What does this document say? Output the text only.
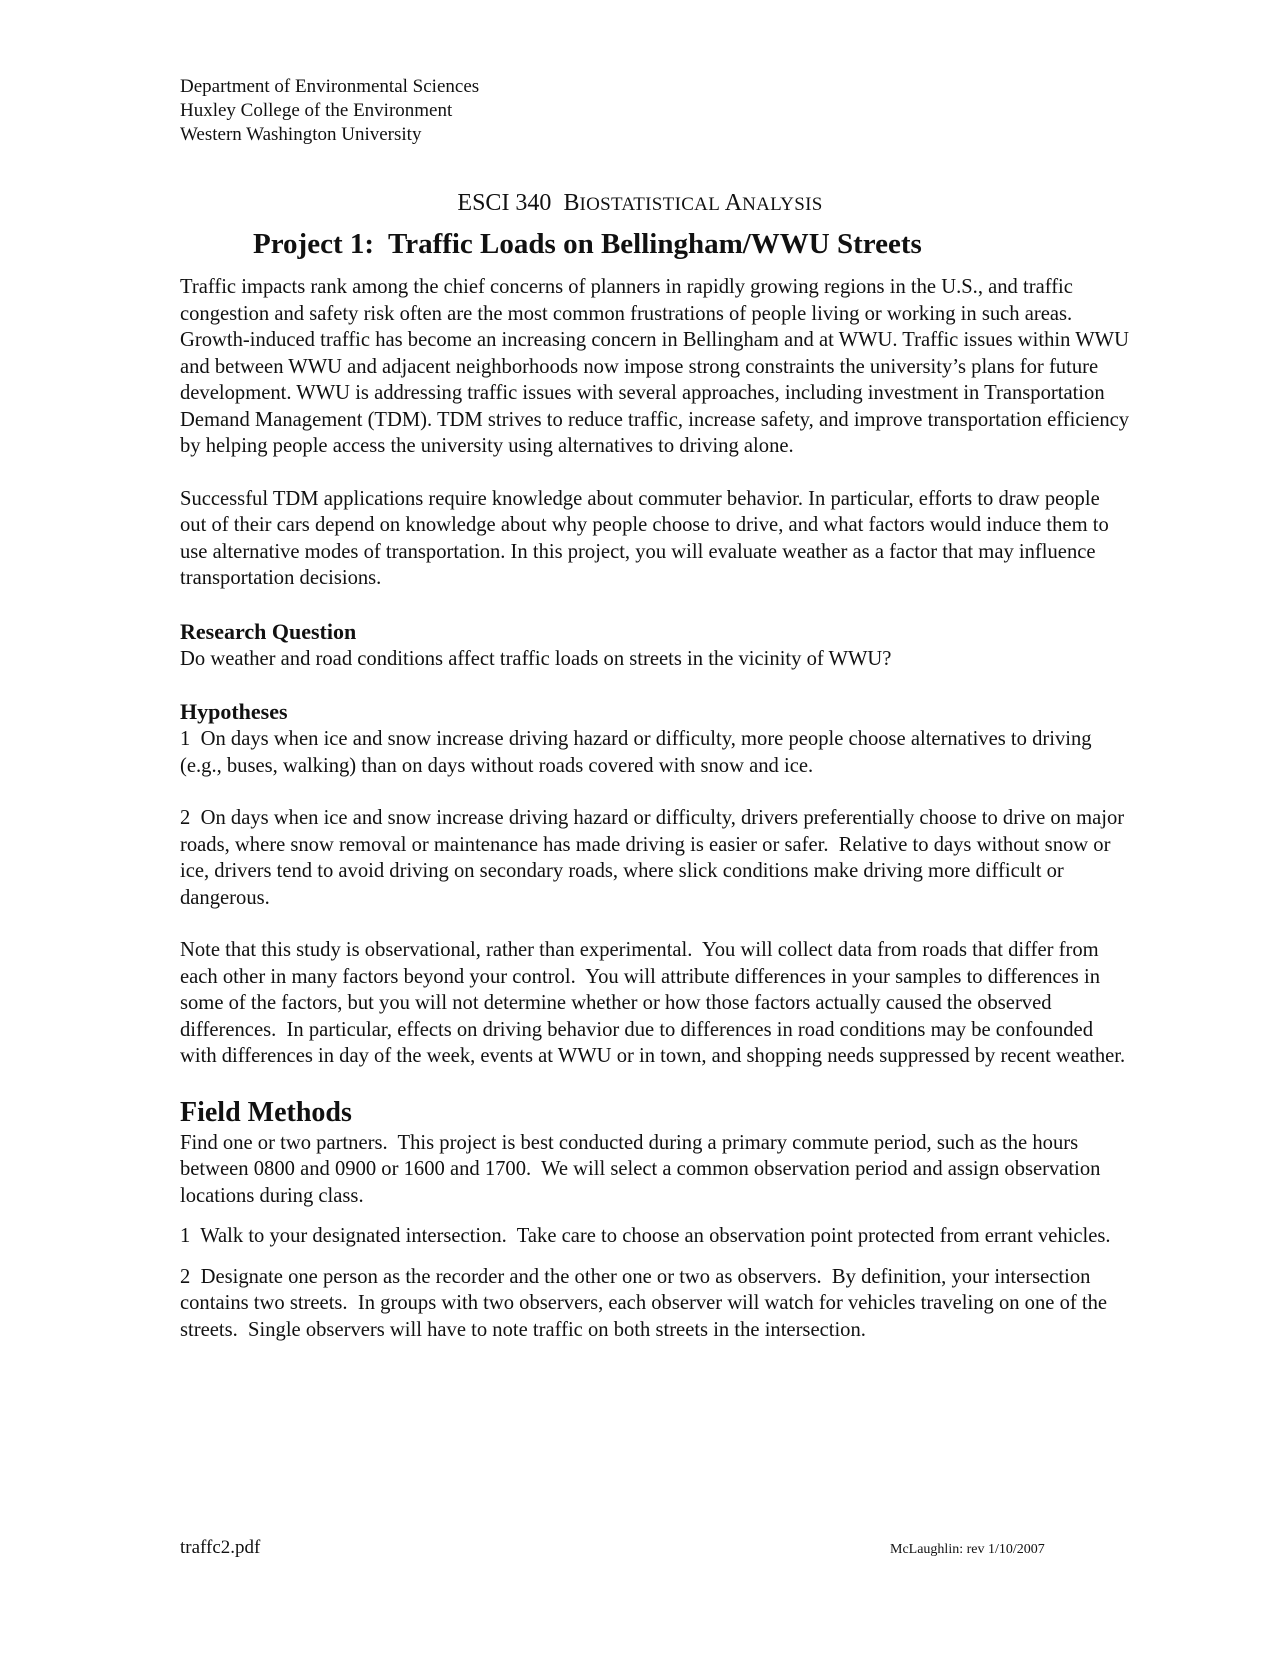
Department of Environmental Sciences
Huxley College of the Environment
Western Washington University
ESCI 340 BIOSTATISTICAL ANALYSIS
Project 1:  Traffic Loads on Bellingham/WWU Streets

Traffic impacts rank among the chief concerns of planners in rapidly growing regions in the U.S., and traffic congestion and safety risk often are the most common frustrations of people living or working in such areas. Growth-induced traffic has become an increasing concern in Bellingham and at WWU. Traffic issues within WWU and between WWU and adjacent neighborhoods now impose strong constraints the university’s plans for future development. WWU is addressing traffic issues with several approaches, including investment in Transportation Demand Management (TDM). TDM strives to reduce traffic, increase safety, and improve transportation efficiency by helping people access the university using alternatives to driving alone.

Successful TDM applications require knowledge about commuter behavior. In particular, efforts to draw people out of their cars depend on knowledge about why people choose to drive, and what factors would induce them to use alternative modes of transportation. In this project, you will evaluate weather as a factor that may influence transportation decisions.

Research Question

Do weather and road conditions affect traffic loads on streets in the vicinity of WWU?

Hypotheses

1  On days when ice and snow increase driving hazard or difficulty, more people choose alternatives to driving (e.g., buses, walking) than on days without roads covered with snow and ice.

2  On days when ice and snow increase driving hazard or difficulty, drivers preferentially choose to drive on major roads, where snow removal or maintenance has made driving is easier or safer.  Relative to days without snow or ice, drivers tend to avoid driving on secondary roads, where slick conditions make driving more difficult or dangerous.

Note that this study is observational, rather than experimental.  You will collect data from roads that differ from each other in many factors beyond your control.  You will attribute differences in your samples to differences in some of the factors, but you will not determine whether or how those factors actually caused the observed differences.  In particular, effects on driving behavior due to differences in road conditions may be confounded with differences in day of the week, events at WWU or in town, and shopping needs suppressed by recent weather.

Field Methods

Find one or two partners.  This project is best conducted during a primary commute period, such as the hours between 0800 and 0900 or 1600 and 1700.  We will select a common observation period and assign observation locations during class.

1  Walk to your designated intersection.  Take care to choose an observation point protected from errant vehicles.

2  Designate one person as the recorder and the other one or two as observers.  By definition, your intersection contains two streets.  In groups with two observers, each observer will watch for vehicles traveling on one of the streets.  Single observers will have to note traffic on both streets in the intersection.

traffc2.pdf	McLaughlin: rev 1/10/2007
